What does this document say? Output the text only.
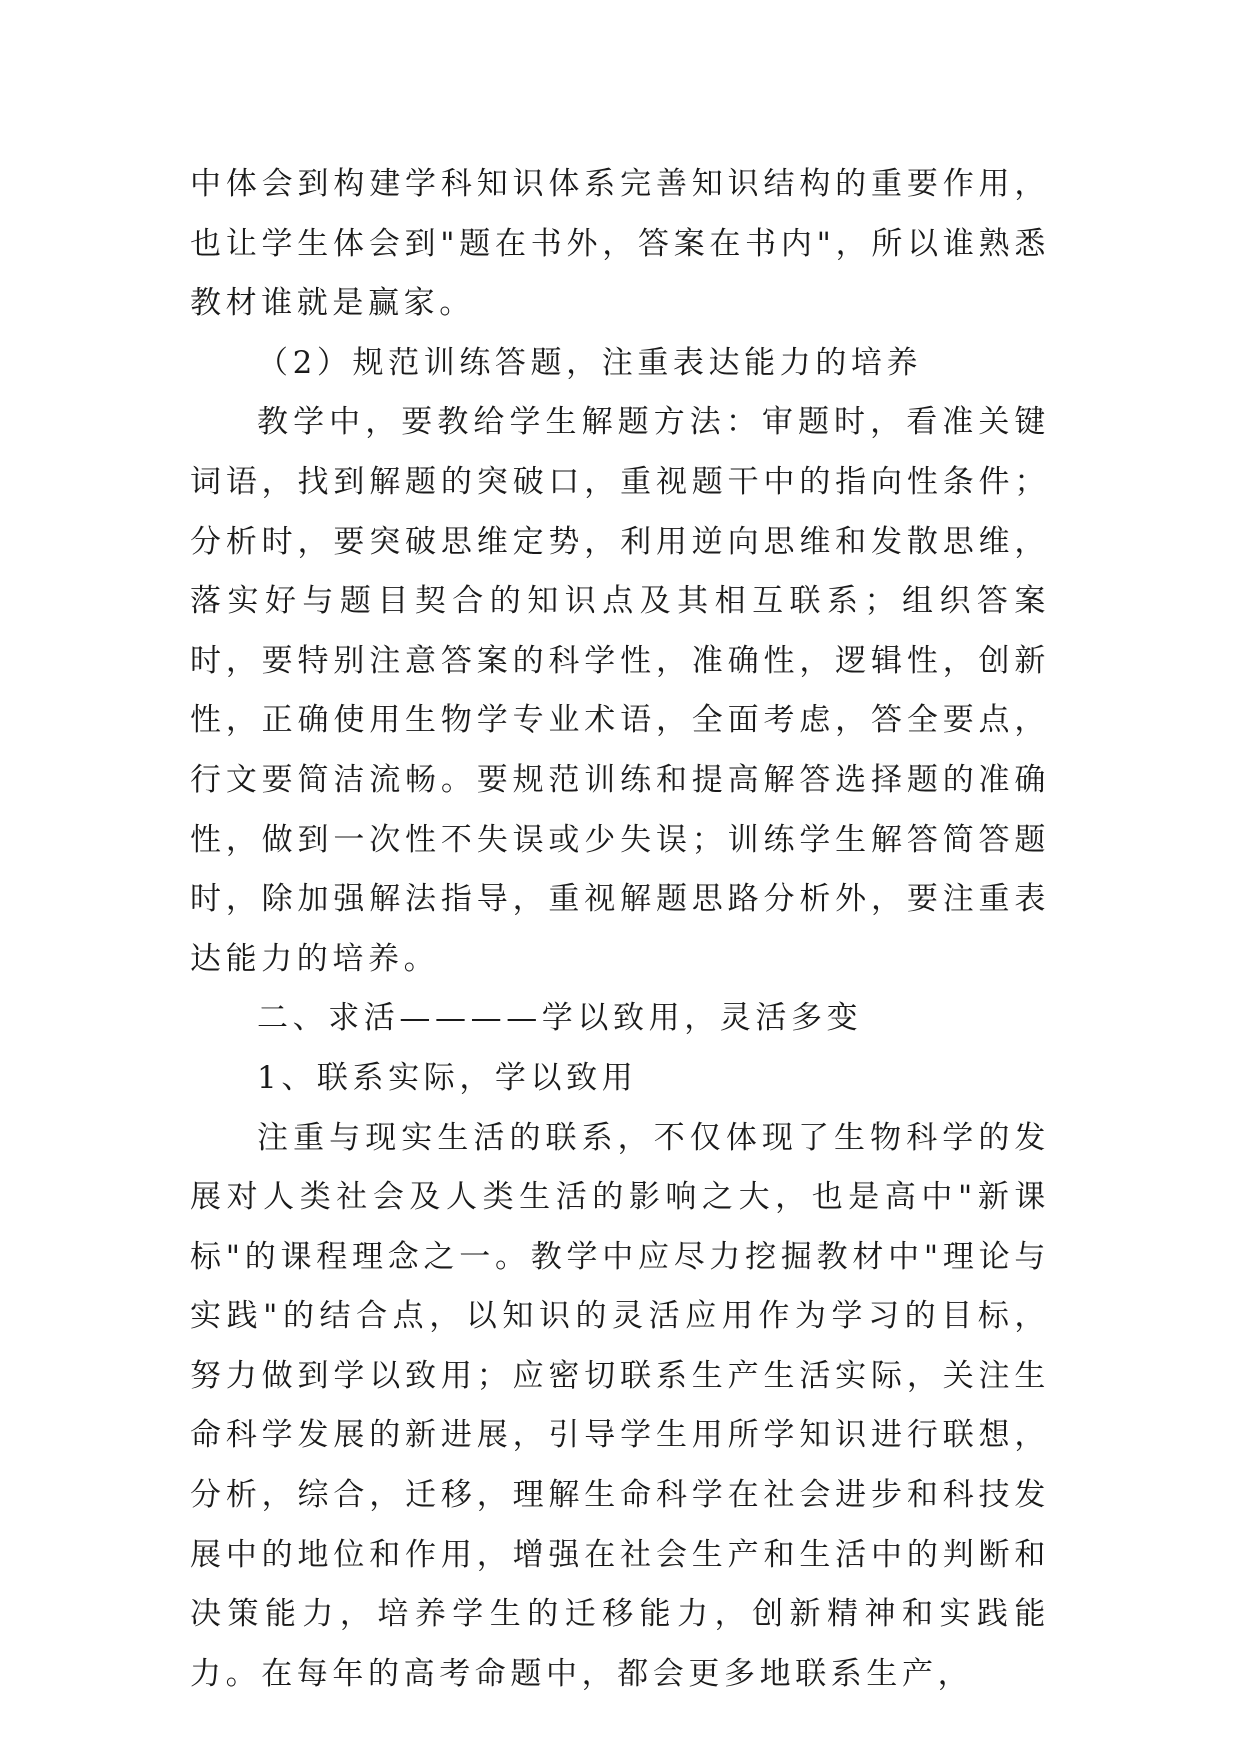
中体会到构建学科知识体系完善知识结构的重要作用，也让学生体会到"题在书外，答案在书内"，所以谁熟悉教材谁就是赢家。

（2）规范训练答题，注重表达能力的培养

教学中，要教给学生解题方法：审题时，看准关键词语，找到解题的突破口，重视题干中的指向性条件；分析时，要突破思维定势，利用逆向思维和发散思维，落实好与题目契合的知识点及其相互联系；组织答案时，要特别注意答案的科学性，准确性，逻辑性，创新性，正确使用生物学专业术语，全面考虑，答全要点，行文要简洁流畅。要规范训练和提高解答选择题的准确性，做到一次性不失误或少失误；训练学生解答简答题时，除加强解法指导，重视解题思路分析外，要注重表达能力的培养。

二、求活————学以致用，灵活多变

1、联系实际，学以致用

注重与现实生活的联系，不仅体现了生物科学的发展对人类社会及人类生活的影响之大，也是高中"新课标"的课程理念之一。教学中应尽力挖掘教材中"理论与实践"的结合点，以知识的灵活应用作为学习的目标，努力做到学以致用；应密切联系生产生活实际，关注生命科学发展的新进展，引导学生用所学知识进行联想，分析，综合，迁移，理解生命科学在社会进步和科技发展中的地位和作用，增强在社会生产和生活中的判断和决策能力，培养学生的迁移能力，创新精神和实践能力。在每年的高考命题中，都会更多地联系生产，
